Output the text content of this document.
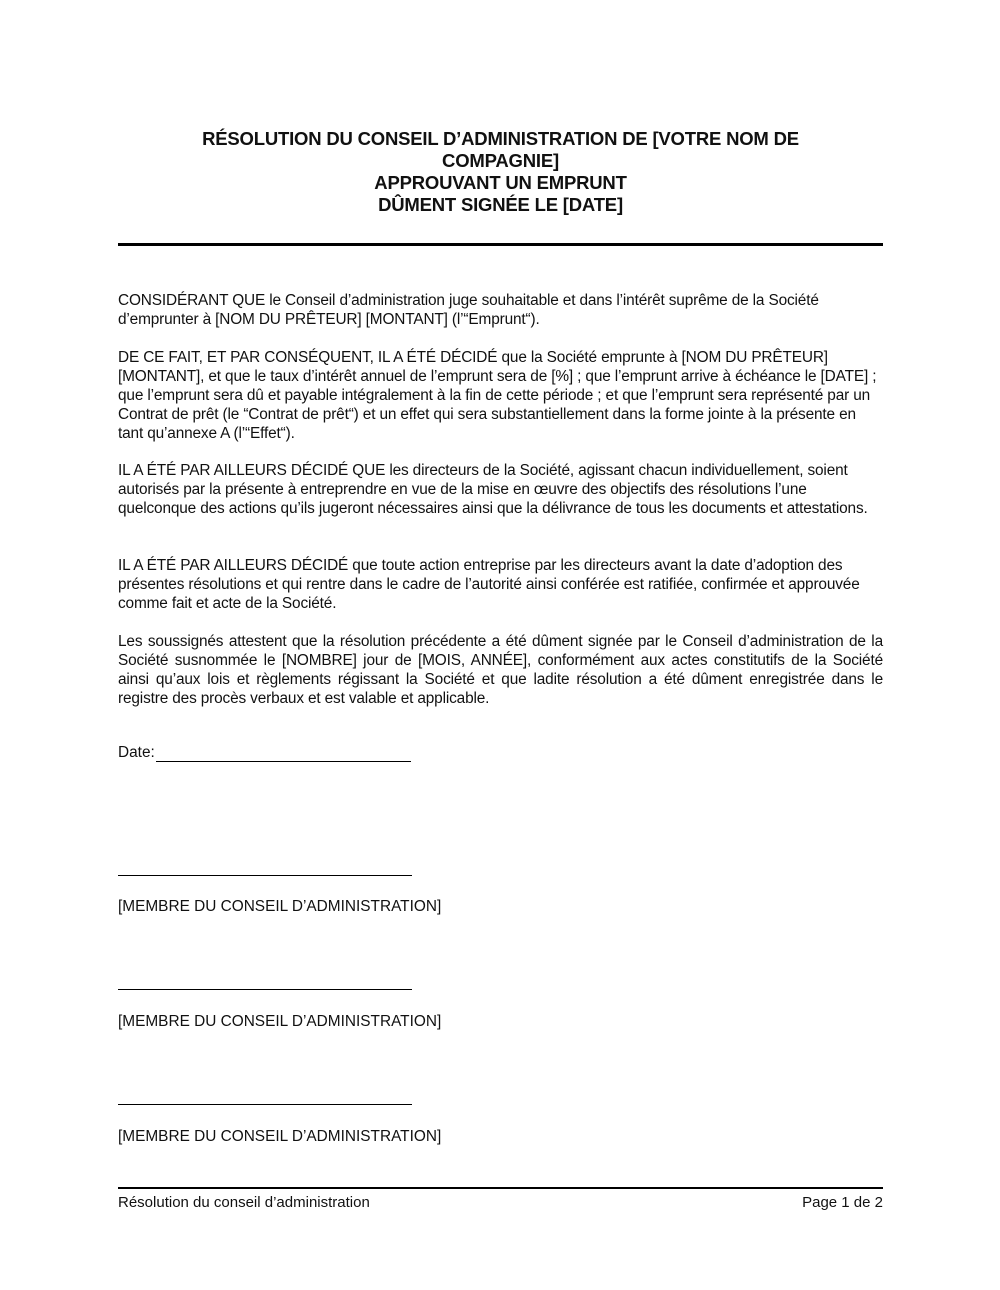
RÉSOLUTION DU CONSEIL D’ADMINISTRATION DE [VOTRE NOM DE
COMPAGNIE]
APPROUVANT UN EMPRUNT
DÛMENT SIGNÉE LE [DATE]

CONSIDÉRANT QUE le Conseil d’administration juge souhaitable et dans l’intérêt suprême de la Société d’emprunter à [NOM DU PRÊTEUR] [MONTANT] (l’“Emprunt“).

DE CE FAIT, ET PAR CONSÉQUENT, IL A ÉTÉ DÉCIDÉ que la Société emprunte à [NOM DU PRÊTEUR] [MONTANT], et que le taux d’intérêt annuel de l’emprunt sera de [%] ; que l’emprunt arrive à échéance le [DATE] ; que l’emprunt sera dû et payable intégralement à la fin de cette période ; et que l’emprunt sera représenté par un Contrat de prêt (le “Contrat de prêt“) et un effet qui sera substantiellement dans la forme jointe à la présente en tant qu’annexe A (l’“Effet“).

IL A ÉTÉ PAR AILLEURS DÉCIDÉ QUE les directeurs de la Société, agissant chacun individuellement, soient autorisés par la présente à entreprendre en vue de la mise en œuvre des objectifs des résolutions l’une quelconque des actions qu’ils jugeront nécessaires ainsi que la délivrance de tous les documents et attestations.

IL A ÉTÉ PAR AILLEURS DÉCIDÉ que toute action entreprise par les directeurs avant la date d’adoption des présentes résolutions et qui rentre dans le cadre de l’autorité ainsi conférée est ratifiée, confirmée et approuvée comme fait et acte de la Société.

Les soussignés attestent que la résolution précédente a été dûment signée par le Conseil d’administration de la Société susnommée le [NOMBRE] jour de [MOIS, ANNÉE], conformément aux actes constitutifs de la Société ainsi qu’aux lois et règlements régissant la Société et que ladite résolution a été dûment enregistrée dans le registre des procès verbaux et est valable et applicable.

Date:
[MEMBRE DU CONSEIL D’ADMINISTRATION]
[MEMBRE DU CONSEIL D’ADMINISTRATION]
[MEMBRE DU CONSEIL D’ADMINISTRATION]
Résolution du conseil d’administration	Page 1 de 2
